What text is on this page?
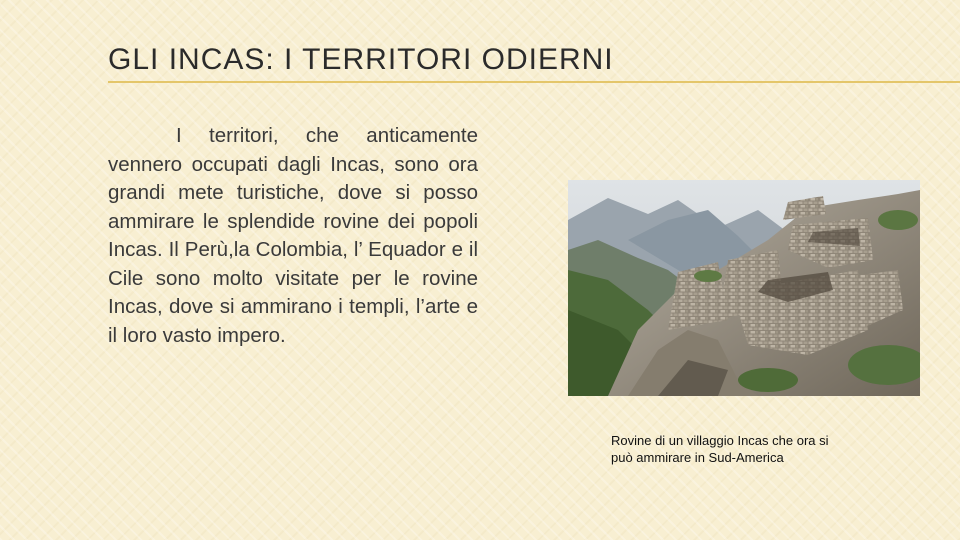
GLI INCAS: I TERRITORI ODIERNI

I territori, che anticamente vennero occupati dagli Incas, sono ora grandi mete turistiche, dove si posso ammirare le splendide rovine dei popoli Incas. Il Perù,la Colombia, l’ Equador e il Cile sono molto visitate per le rovine Incas, dove si ammirano i templi, l’arte e il loro vasto impero.

Rovine di un villaggio Incas che ora si può ammirare in Sud-America
